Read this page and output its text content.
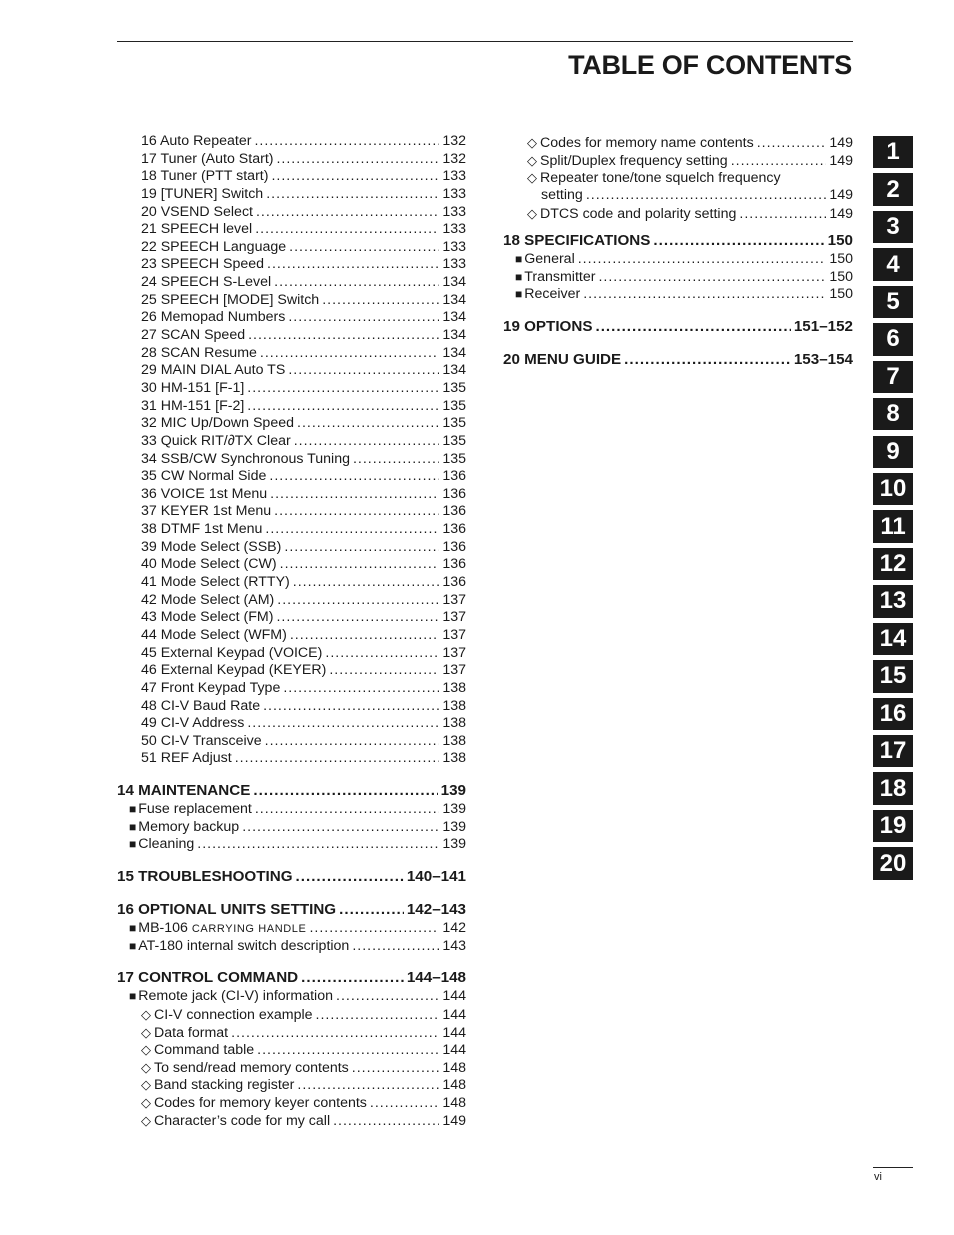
TABLE OF CONTENTS
16 Auto Repeater .....	132
17 Tuner (Auto Start) .....	132
18 Tuner (PTT start) .....	133
19 [TUNER] Switch .....	133
20 VSEND Select .....	133
21 SPEECH level .....	133
22 SPEECH Language .....	133
23 SPEECH Speed .....	133
24 SPEECH S-Level .....	134
25 SPEECH [MODE] Switch .....	134
26 Memopad Numbers .....	134
27 SCAN Speed .....	134
28 SCAN Resume .....	134
29 MAIN DIAL Auto TS .....	134
30 HM-151 [F-1] .....	135
31 HM-151 [F-2] .....	135
32 MIC Up/Down Speed .....	135
33 Quick RIT/∂TX Clear .....	135
34 SSB/CW Synchronous Tuning .....	135
35 CW Normal Side .....	136
36 VOICE 1st Menu .....	136
37 KEYER 1st Menu .....	136
38 DTMF 1st Menu .....	136
39 Mode Select (SSB) .....	136
40 Mode Select (CW) .....	136
41 Mode Select (RTTY) .....	136
42 Mode Select (AM) .....	137
43 Mode Select (FM) .....	137
44 Mode Select (WFM) .....	137
45 External Keypad (VOICE) .....	137
46 External Keypad (KEYER) .....	137
47 Front Keypad Type .....	138
48 CI-V Baud Rate .....	138
49 CI-V Address .....	138
50 CI-V Transceive .....	138
51 REF Adjust .....	138
14 MAINTENANCE .....	139
■ Fuse replacement .....	139
■ Memory backup .....	139
■ Cleaning .....	139
15 TROUBLESHOOTING .....	140–141
16 OPTIONAL UNITS SETTING .....	142–143
■ MB-106 CARRYING HANDLE .....	142
■ AT-180 internal switch description .....	143
17 CONTROL COMMAND .....	144–148
■ Remote jack (CI-V) information .....	144
◇ CI-V connection example .....	144
◇ Data format .....	144
◇ Command table .....	144
◇ To send/read memory contents .....	148
◇ Band stacking register .....	148
◇ Codes for memory keyer contents .....	148
◇ Character’s code for my call .....	149
◇ Codes for memory name contents .....	149
◇ Split/Duplex frequency setting .....	149
◇ Repeater tone/tone squelch frequency
setting .....	149
◇ DTCS code and polarity setting .....	149
18 SPECIFICATIONS .....	150
■ General .....	150
■ Transmitter .....	150
■ Receiver .....	150
19 OPTIONS .....	151–152
20 MENU GUIDE .....	153–154
1
2
3
4
5
6
7
8
9
10
11
12
13
14
15
16
17
18
19
20
vi
